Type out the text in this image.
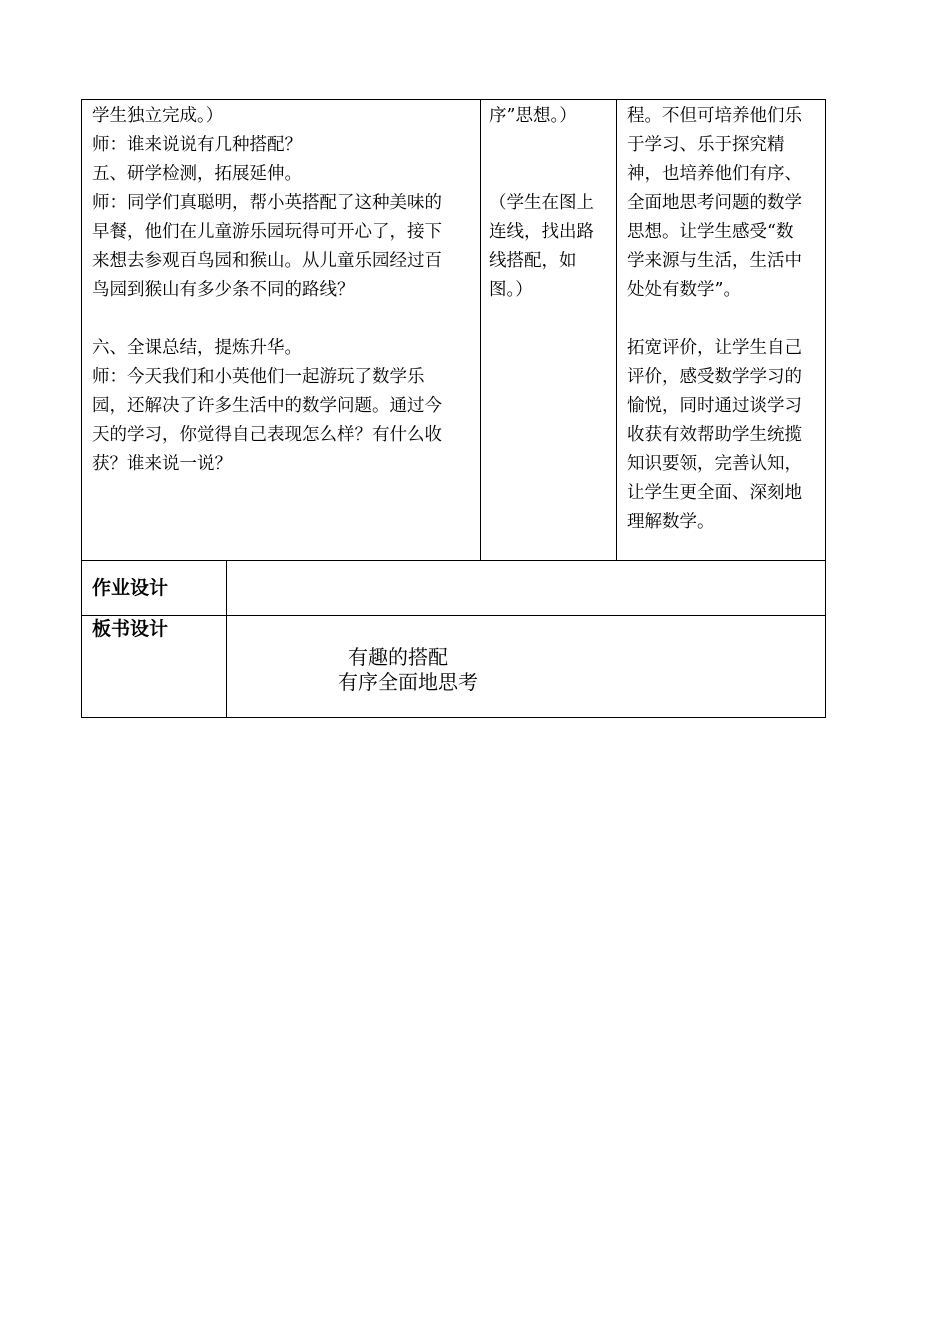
学生独立完成。）

师：谁来说说有几种搭配？

五、研学检测，拓展延伸。

师：同学们真聪明，帮小英搭配了这种美味的

早餐，他们在儿童游乐园玩得可开心了，接下

来想去参观百鸟园和猴山。从儿童乐园经过百

鸟园到猴山有多少条不同的路线？

六、全课总结，提炼升华。

师：今天我们和小英他们一起游玩了数学乐

园，还解决了许多生活中的数学问题。通过今

天的学习，你觉得自己表现怎么样？有什么收

获？谁来说一说？

序”思想。）

（学生在图上

连线，找出路

线搭配，如

图。）

程。不但可培养他们乐

于学习、乐于探究精

神，也培养他们有序、

全面地思考问题的数学

思想。让学生感受“数

学来源与生活，生活中

处处有数学”。

拓宽评价，让学生自己

评价，感受数学学习的

愉悦，同时通过谈学习

收获有效帮助学生统揽

知识要领，完善认知，

让学生更全面、深刻地

理解数学。

作业设计
板书设计
有趣的搭配
有序全面地思考
